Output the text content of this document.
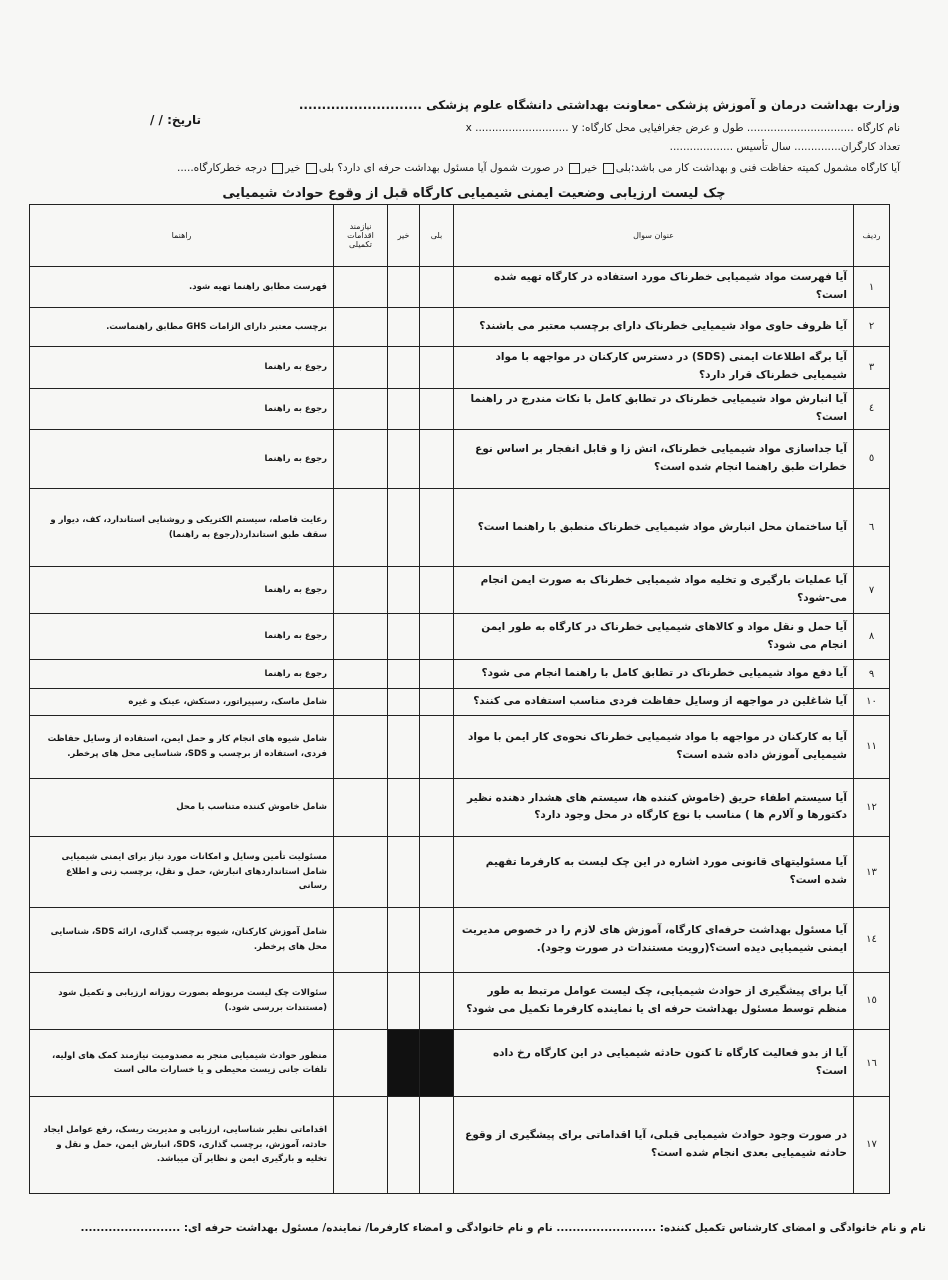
وزارت بهداشت درمان و آموزش پزشکی -معاونت بهداشتی دانشگاه علوم پزشکی ...........................
تاریخ: / /
نام کارگاه ................................ طول و عرض جغرافیایی محل کارگاه: x ............................ y
تعداد کارگران.............. سال تأسیس ...................
آیا کارگاه مشمول کمیته حفاظت فنی و بهداشت کار می باشد:بلی خیر در صورت شمول آیا مسئول بهداشت حرفه ای دارد؟ بلی خیر درجه خطرکارگاه.....
چک لیست ارزیابی وضعیت ایمنی شیمیایی کارگاه قبل از وقوع حوادث شیمیایی
ردیف	عنوان سوال	بلی	خیر	نیازمند اقدامات تکمیلی	راهنما
۱	آیا فهرست مواد شیمیایی خطرناک مورد استفاده در کارگاه تهیه شده است؟				فهرست مطابق راهنما تهیه شود.
۲	آیا ظروف حاوی مواد شیمیایی خطرناک دارای برچسب معتبر می باشند؟				برچسب معتبر دارای الزامات GHS مطابق راهنماست.
۳	آیا برگه اطلاعات ایمنی (SDS) در دسترس کارکنان در مواجهه با مواد شیمیایی خطرناک قرار دارد؟				رجوع به راهنما
٤	آیا انبارش مواد شیمیایی خطرناک در تطابق کامل با نکات مندرج در راهنما است؟				رجوع به راهنما
٥	آیا جداسازی مواد شیمیایی خطرناک، اتش زا و قابل انفجار بر اساس نوع خطرات طبق راهنما انجام شده است؟				رجوع به راهنما
٦	آیا ساختمان محل انبارش مواد شیمیایی خطرناک منطبق با راهنما است؟				رعایت فاصله، سیستم الکتریکی و روشنایی استاندارد، کف، دیوار و سقف طبق استاندارد(رجوع به راهنما)
۷	آیا عملیات بارگیری و تخلیه مواد شیمیایی خطرناک به صورت ایمن انجام می-شود؟				رجوع به راهنما
۸	آیا حمل و نقل مواد و کالاهای شیمیایی خطرناک در کارگاه به طور ایمن انجام می شود؟				رجوع به راهنما
۹	آیا دفع مواد شیمیایی خطرناک در تطابق کامل با راهنما انجام می شود؟				رجوع به راهنما
۱۰	آیا شاغلین در مواجهه از وسایل حفاظت فردی مناسب استفاده می کنند؟				شامل ماسک، رسپیراتور، دستکش، عینک و غیره
۱۱	آیا به کارکنان در مواجهه با مواد شیمیایی خطرناک نحوه‌ی کار ایمن با مواد شیمیایی آموزش داده شده است؟				شامل شیوه های انجام کار و حمل ایمن، استفاده از وسایل حفاظت فردی، استفاده از برچسب و SDS، شناسایی محل های پرخطر.
۱۲	آیا سیستم اطفاء حریق (خاموش کننده ها، سیستم های هشدار دهنده نظیر دکتورها و آلارم ها ) مناسب با نوع کارگاه در محل وجود دارد؟				شامل خاموش کننده متناسب با محل
۱۳	آیا مسئولیتهای قانونی مورد اشاره در این چک لیست به کارفرما تفهیم شده است؟				مسئولیت تأمین وسایل و امکانات مورد نیاز برای ایمنی شیمیایی شامل استانداردهای انبارش، حمل و نقل، برچسب زنی و اطلاع رسانی
١٤	آیا مسئول بهداشت حرفه‌ای کارگاه، آموزش های لازم را در خصوص مدیریت ایمنی شیمیایی دیده است؟(رویت مستندات در صورت وجود).				شامل آموزش کارکنان، شیوه برچسب گذاری، ارائه SDS، شناسایی محل های پرخطر.
۱٥	آیا برای پیشگیری از حوادث شیمیایی، چک لیست عوامل مرتبط به طور منظم توسط مسئول بهداشت حرفه ای یا نماینده کارفرما تکمیل می شود؟				سئوالات چک لیست مربوطه بصورت روزانه ارزیابی و تکمیل شود (مستندات بررسی شود.)
۱٦	آیا از بدو فعالیت کارگاه تا کنون حادثه شیمیایی در این کارگاه رخ داده است؟				منظور حوادث شیمیایی منجر به مصدومیت نیازمند کمک های اولیه، تلفات جانی زیست محیطی و یا خسارات مالی است
۱۷	در صورت وجود حوادث شیمیایی قبلی، آیا اقداماتی برای پیشگیری از وقوع حادثه شیمیایی بعدی انجام شده است؟				اقداماتی نظیر شناسایی، ارزیابی و مدیریت ریسک، رفع عوامل ایجاد حادثه، آموزش، برچسب گذاری، SDS، انبارش ایمن، حمل و نقل و تخلیه و بارگیری ایمن و نظایر آن میباشد.
نام و نام خانوادگی و امضای کارشناس تکمیل کننده: ......................... نام و نام خانوادگی و امضاء کارفرما/ نماینده/ مسئول بهداشت حرفه ای: .........................
